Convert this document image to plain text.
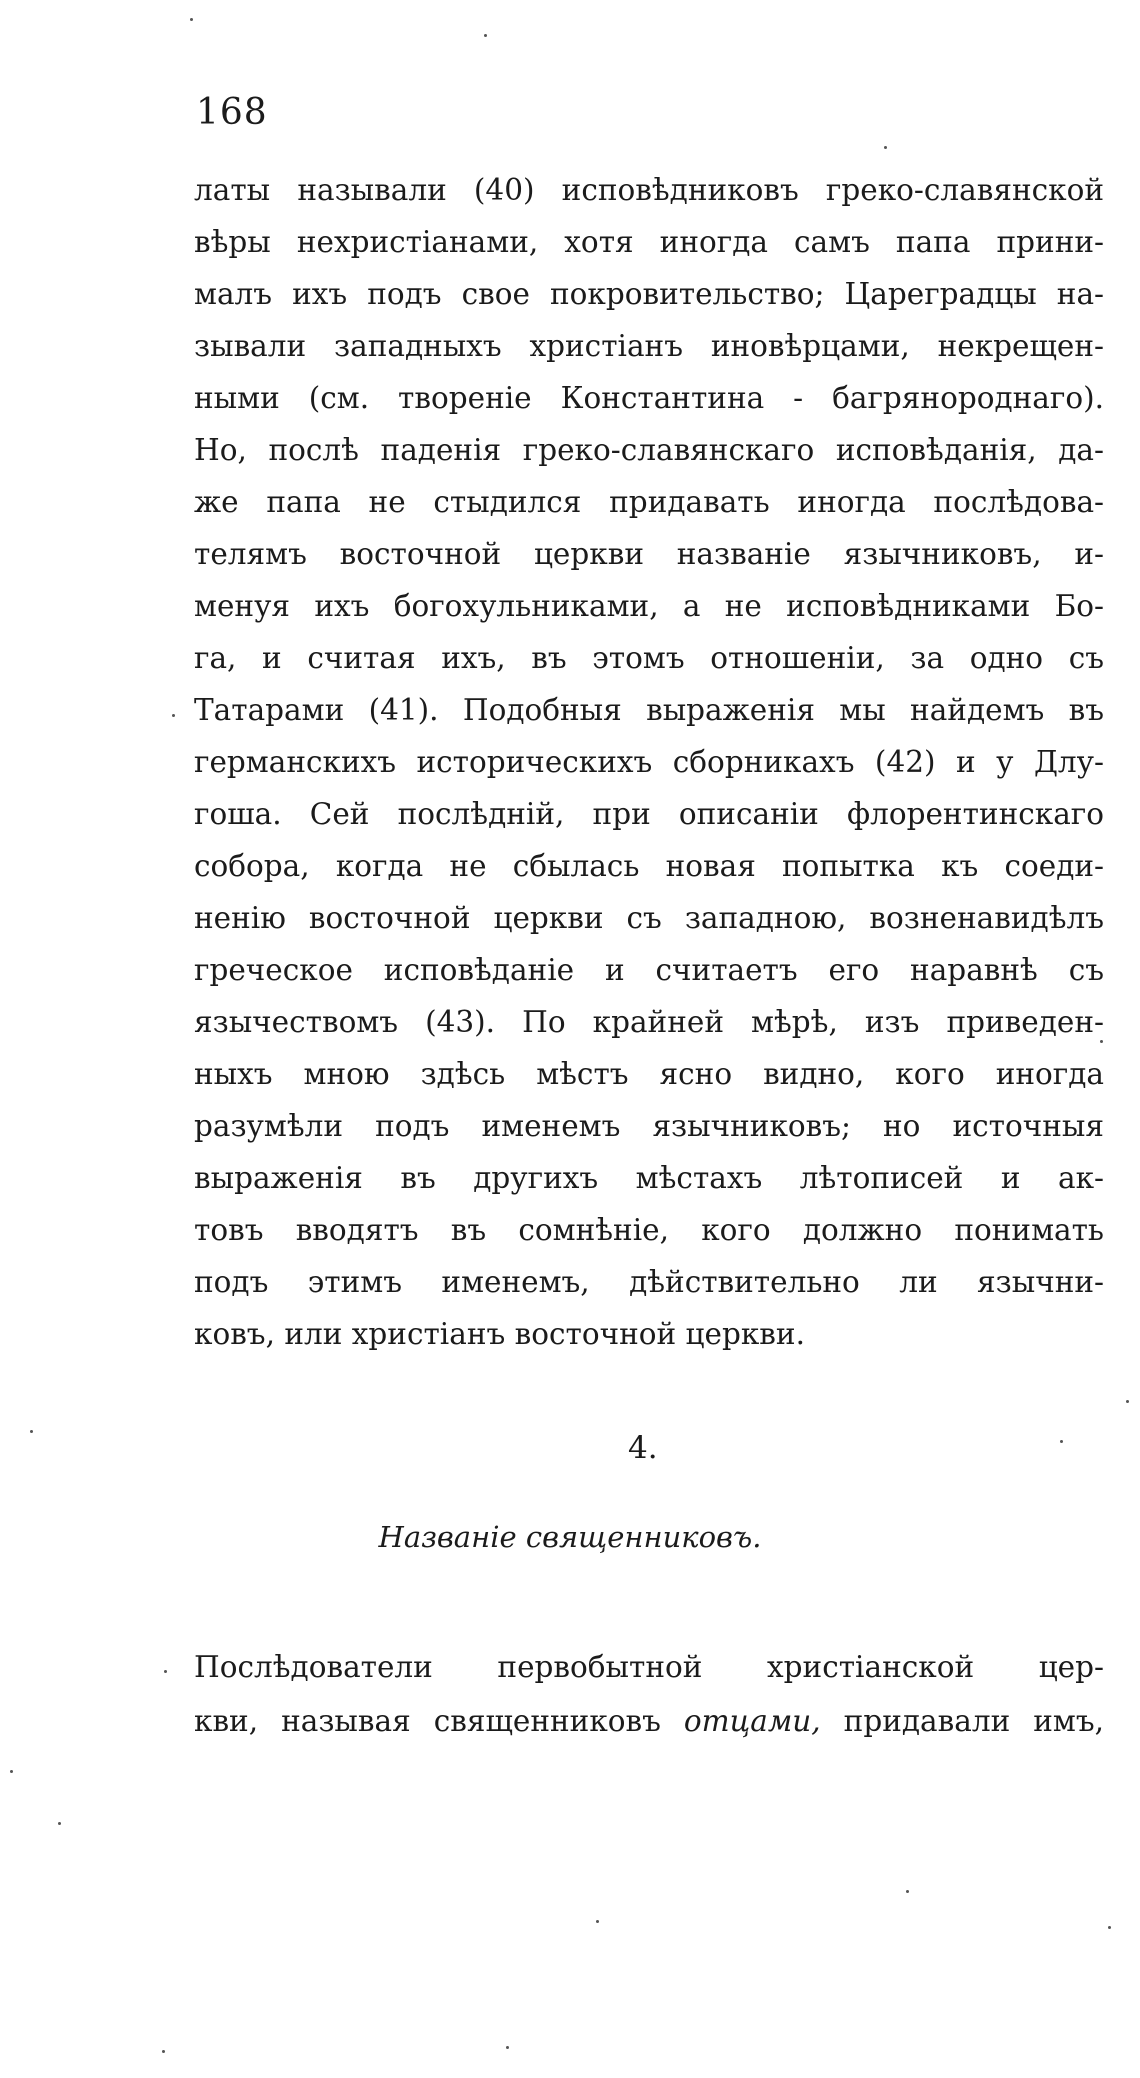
168
латы называли (40) исповѣдниковъ греко-славянской
вѣры нехристіанами, хотя иногда самъ папа прини-
малъ ихъ подъ свое покровительство; Цареградцы на-
зывали западныхъ христіанъ иновѣрцами, некрещен-
ными (см. твореніе Константина - багрянороднаго).
Но, послѣ паденія греко-славянскаго исповѣданія, да-
же папа не стыдился придавать иногда послѣдова-
телямъ восточной церкви названіе язычниковъ, и-
менуя ихъ богохульниками, а не исповѣдниками Бо-
га, и считая ихъ, въ этомъ отношеніи, за одно съ
Татарами (41). Подобныя выраженія мы найдемъ въ
германскихъ историческихъ сборникахъ (42) и у Длу-
гоша. Сей послѣдній, при описаніи флорентинскаго
собора, когда не сбылась новая попытка къ соеди-
ненію восточной церкви съ западною, возненавидѣлъ
греческое исповѣданіе и считаетъ его наравнѣ съ
язычествомъ (43). По крайней мѣрѣ, изъ приведен-
ныхъ мною здѣсь мѣстъ ясно видно, кого иногда
разумѣли подъ именемъ язычниковъ; но источныя
выраженія въ другихъ мѣстахъ лѣтописей и ак-
товъ вводятъ въ сомнѣніе, кого должно понимать
подъ этимъ именемъ, дѣйствительно ли язычни-
ковъ, или христіанъ восточной церкви.
4.
Названіе священниковъ.
Послѣдователи первобытной христіанской цер-
кви, называя священниковъ отцами, придавали имъ,
